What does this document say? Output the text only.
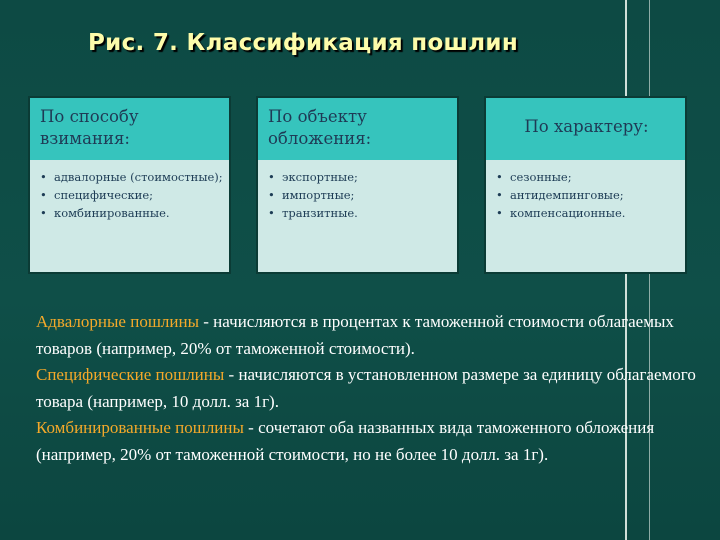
Рис. 7. Классификация пошлин
По способу взимания:
• адвалорные (стоимостные);
• специфические;
• комбинированные.
По объекту обложения:
• экспортные;
• импортные;
• транзитные.
По характеру:
• сезонные;
• антидемпинговые;
• компенсационные.

Адвалорные пошлины - начисляются в процентах к таможенной стоимости облагаемых товаров (например, 20% от таможенной стоимости).

Специфические пошлины - начисляются в установленном размере за единицу облагаемого товара (например, 10 долл. за 1г).

Комбинированные пошлины - сочетают оба названных вида таможенного обложения (например, 20% от таможенной стоимости, но не более 10 долл. за 1г).
